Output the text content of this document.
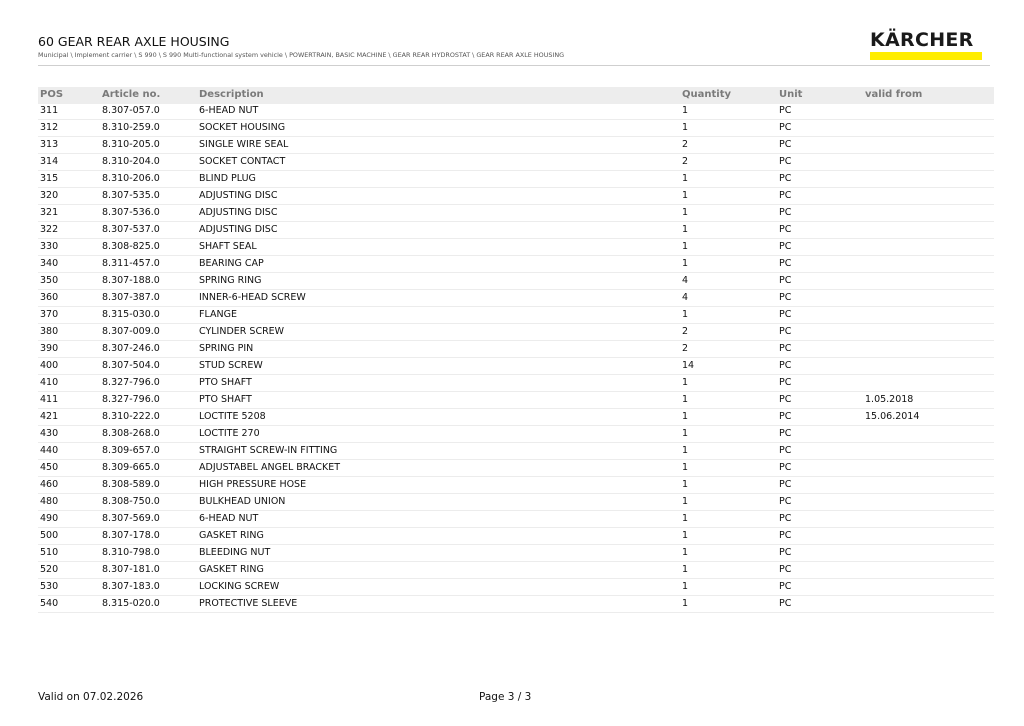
60 GEAR REAR AXLE HOUSING
Municipal \ Implement carrier \ S 990 \ S 990 Multi-functional system vehicle \ POWERTRAIN, BASIC MACHINE \ GEAR REAR HYDROSTAT \ GEAR REAR AXLE HOUSING
KÄRCHER
POS	Article no.	Description	Quantity	Unit	valid from
311	8.307-057.0	6-HEAD NUT	1	PC
312	8.310-259.0	SOCKET HOUSING	1	PC
313	8.310-205.0	SINGLE WIRE SEAL	2	PC
314	8.310-204.0	SOCKET CONTACT	2	PC
315	8.310-206.0	BLIND PLUG	1	PC
320	8.307-535.0	ADJUSTING DISC	1	PC
321	8.307-536.0	ADJUSTING DISC	1	PC
322	8.307-537.0	ADJUSTING DISC	1	PC
330	8.308-825.0	SHAFT SEAL	1	PC
340	8.311-457.0	BEARING CAP	1	PC
350	8.307-188.0	SPRING RING	4	PC
360	8.307-387.0	INNER-6-HEAD SCREW	4	PC
370	8.315-030.0	FLANGE	1	PC
380	8.307-009.0	CYLINDER SCREW	2	PC
390	8.307-246.0	SPRING PIN	2	PC
400	8.307-504.0	STUD SCREW	14	PC
410	8.327-796.0	PTO SHAFT	1	PC
411	8.327-796.0	PTO SHAFT	1	PC	1.05.2018
421	8.310-222.0	LOCTITE 5208	1	PC	15.06.2014
430	8.308-268.0	LOCTITE 270	1	PC
440	8.309-657.0	STRAIGHT SCREW-IN FITTING	1	PC
450	8.309-665.0	ADJUSTABEL ANGEL BRACKET	1	PC
460	8.308-589.0	HIGH PRESSURE HOSE	1	PC
480	8.308-750.0	BULKHEAD UNION	1	PC
490	8.307-569.0	6-HEAD NUT	1	PC
500	8.307-178.0	GASKET RING	1	PC
510	8.310-798.0	BLEEDING NUT	1	PC
520	8.307-181.0	GASKET RING	1	PC
530	8.307-183.0	LOCKING SCREW	1	PC
540	8.315-020.0	PROTECTIVE SLEEVE	1	PC
Valid on 07.02.2026	Page 3 / 3
